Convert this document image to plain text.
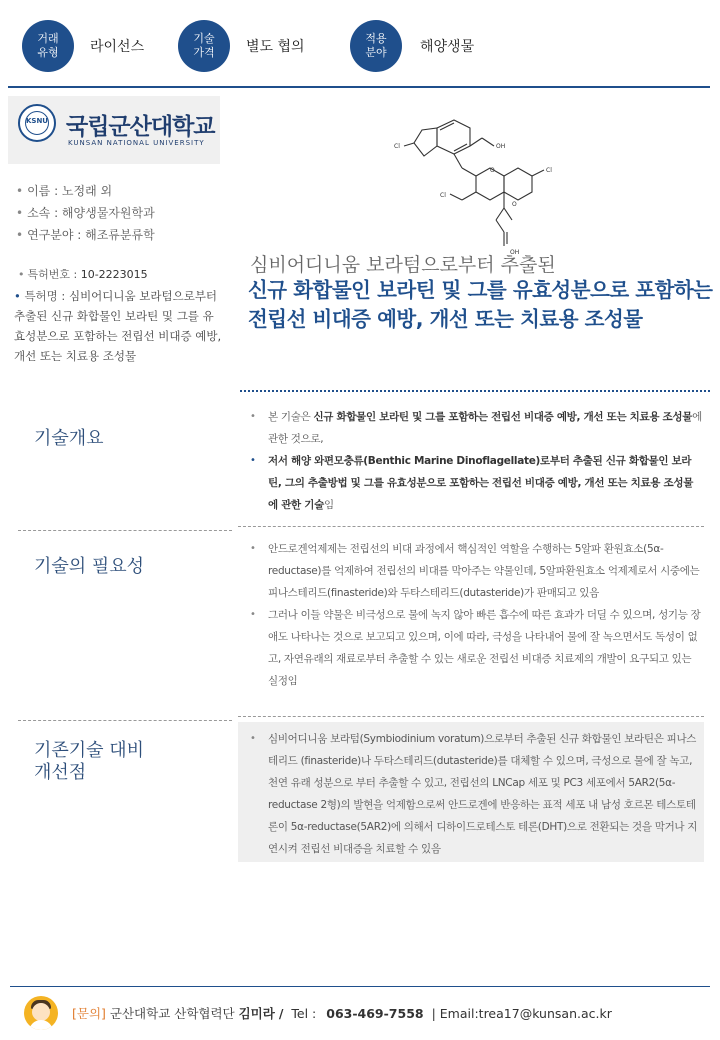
거래 유형	라이선스
기술 가격	별도 협의
적용 분야	해양생물
KSNU 국립군산대학교
KUNSAN NATIONAL UNIVERSITY
• 이름 : 노정래 외
• 소속 : 해양생물자원학과
• 연구분야 : 해조류분류학
• 특허번호 : 10-2223015
• 특허명 : 심비어디니움 보라텀으로부터 추출된 신규 화합물인 보라틴 및 그를 유효성분으로 포함하는 전립선 비대증 예방, 개선 또는 치료용 조성물
Cl
Cl
Cl
OH
O
O
OH
심비어디니움 보라텀으로부터 추출된
신규 화합물인 보라틴 및 그를 유효성분으로 포함하는 전립선 비대증 예방, 개선 또는 치료용 조성물
기술개요
• 본 기술은 신규 화합물인 보라틴 및 그를 포함하는 전립선 비대증 예방, 개선 또는 치료용 조성물에 관한 것으로,
• 저서 해양 와편모충류(Benthic Marine Dinoflagellate)로부터 추출된 신규 화합물인 보라 틴, 그의 추출방법 및 그를 유효성분으로 포함하는 전립선 비대증 예방, 개선 또는 치료용 조성물에 관한 기술임
기술의 필요성
• 안드로겐억제제는 전립선의 비대 과정에서 핵심적인 역할을 수행하는 5알파 환원효소(5α-reductase)를 억제하여 전립선의 비대를 막아주는 약물인데, 5알파환원효소 억제제로서 시중에는 피나스테리드(finasteride)와 두타스테리드(dutasteride)가 판매되고 있음
• 그러나 이들 약물은 비극성으로 물에 녹지 않아 빠른 흡수에 따른 효과가 더딜 수 있으며, 성기능 장애도 나타나는 것으로 보고되고 있으며, 이에 따라, 극성을 나타내어 물에 잘 녹으면서도 독성이 없고, 자연유래의 재료로부터 추출할 수 있는 새로운 전립선 비대증 치료제의 개발이 요구되고 있는 실정임
기존기술 대비
개선점
• 심비어디니움 보라텀(Symbiodinium voratum)으로부터 추출된 신규 화합물인 보라틴은 피나스테리드 (finasteride)나 두타스테리드(dutasteride)를 대체할 수 있으며, 극성으로 물에 잘 녹고, 천연 유래 성분으로 부터 추출할 수 있고, 전립선의 LNCap 세포 및 PC3 세포에서 5AR2(5α-reductase 2형)의 발현을 억제함으로써 안드로겐에 반응하는 표적 세포 내 남성 호르몬 테스토테론이 5α-reductase(5AR2)에 의해서 디하이드로테스토 테론(DHT)으로 전환되는 것을 막거나 지연시켜 전립선 비대증을 치료할 수 있음
[문의] 군산대학교 산학협력단 김미라 / Tel : 063-469-7558 | Email:trea17@kunsan.ac.kr
